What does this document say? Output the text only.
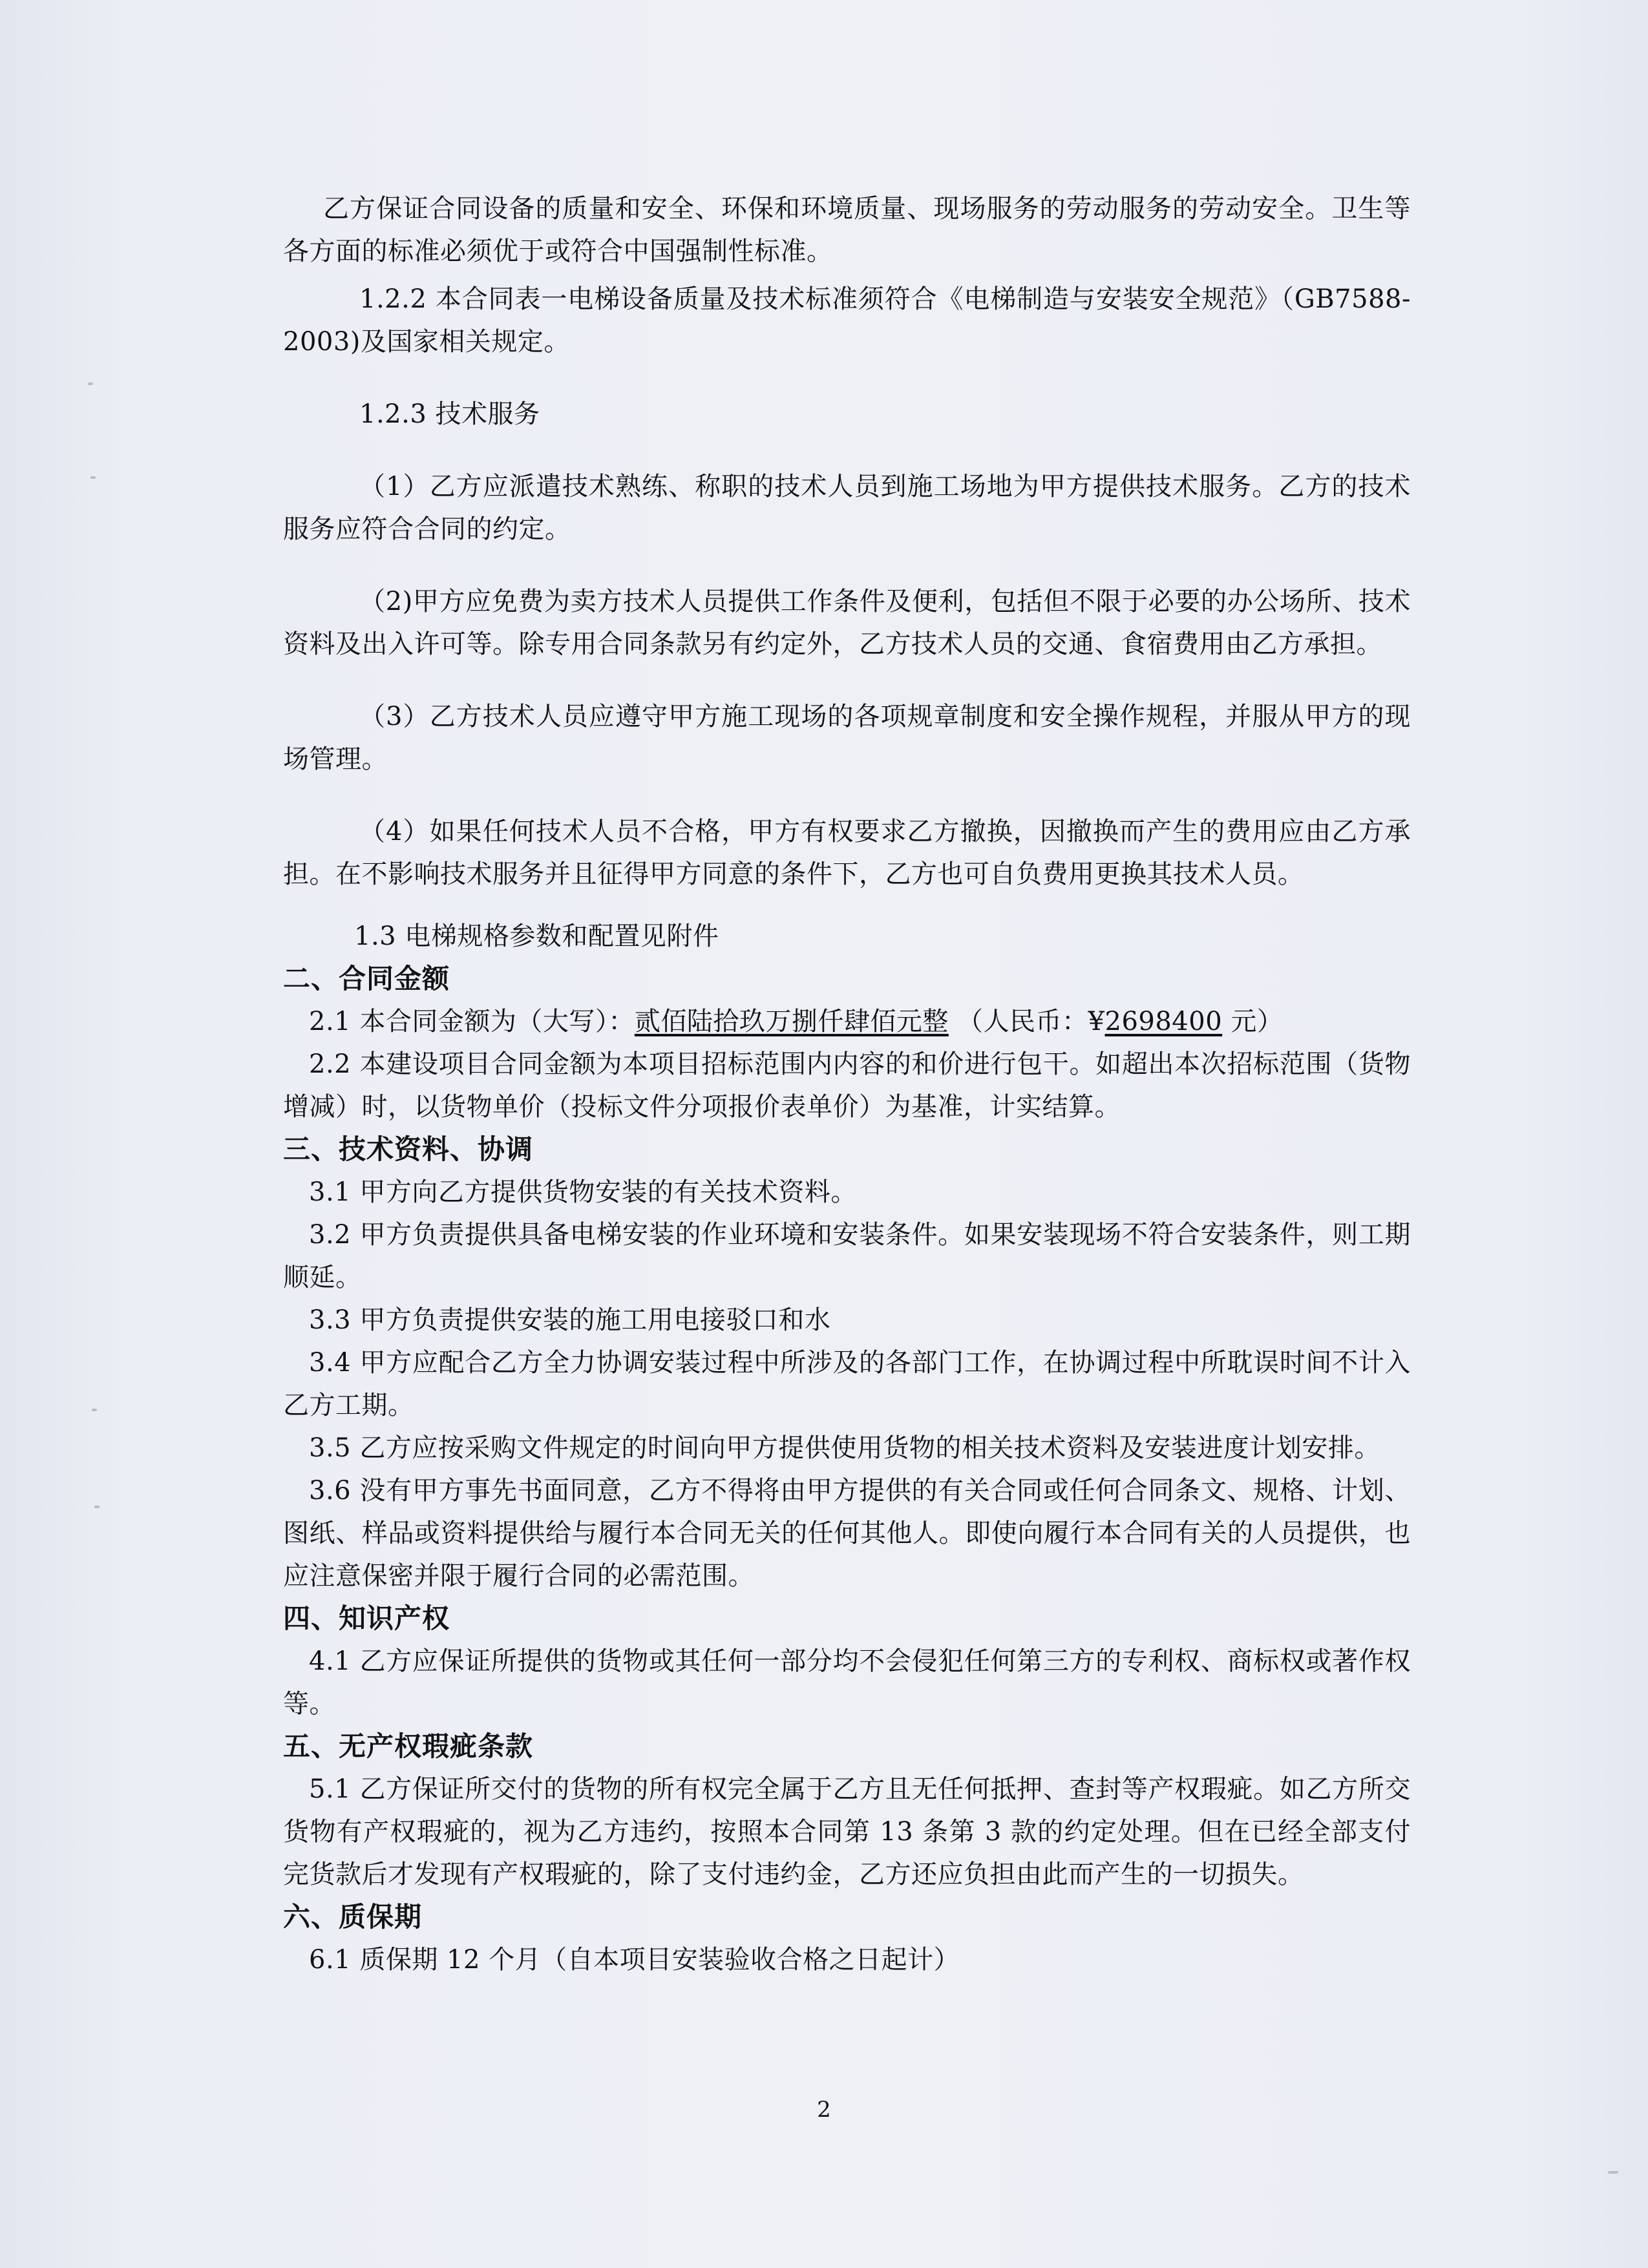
乙方保证合同设备的质量和安全、环保和环境质量、现场服务的劳动服务的劳动安全。卫生等各方面的标准必须优于或符合中国强制性标准。

1.2.2 本合同表一电梯设备质量及技术标准须符合《电梯制造与安装安全规范》（GB7588-2003)及国家相关规定。

1.2.3 技术服务

（1）乙方应派遣技术熟练、称职的技术人员到施工场地为甲方提供技术服务。乙方的技术服务应符合合同的约定。

（2)甲方应免费为卖方技术人员提供工作条件及便利，包括但不限于必要的办公场所、技术资料及出入许可等。除专用合同条款另有约定外，乙方技术人员的交通、食宿费用由乙方承担。

（3）乙方技术人员应遵守甲方施工现场的各项规章制度和安全操作规程，并服从甲方的现场管理。

（4）如果任何技术人员不合格，甲方有权要求乙方撤换，因撤换而产生的费用应由乙方承担。在不影响技术服务并且征得甲方同意的条件下，乙方也可自负费用更换其技术人员。

1.3 电梯规格参数和配置见附件

二、合同金额

2.1 本合同金额为（大写）：贰佰陆拾玖万捌仟肆佰元整 （人民币：¥2698400 元）

2.2 本建设项目合同金额为本项目招标范围内内容的和价进行包干。如超出本次招标范围（货物增减）时，以货物单价（投标文件分项报价表单价）为基准，计实结算。

三、技术资料、协调

3.1 甲方向乙方提供货物安装的有关技术资料。

3.2 甲方负责提供具备电梯安装的作业环境和安装条件。如果安装现场不符合安装条件，则工期顺延。

3.3 甲方负责提供安装的施工用电接驳口和水

3.4 甲方应配合乙方全力协调安装过程中所涉及的各部门工作，在协调过程中所耽误时间不计入乙方工期。

3.5 乙方应按采购文件规定的时间向甲方提供使用货物的相关技术资料及安装进度计划安排。

3.6 没有甲方事先书面同意，乙方不得将由甲方提供的有关合同或任何合同条文、规格、计划、图纸、样品或资料提供给与履行本合同无关的任何其他人。即使向履行本合同有关的人员提供，也应注意保密并限于履行合同的必需范围。

四、知识产权

4.1 乙方应保证所提供的货物或其任何一部分均不会侵犯任何第三方的专利权、商标权或著作权等。

五、无产权瑕疵条款

5.1 乙方保证所交付的货物的所有权完全属于乙方且无任何抵押、查封等产权瑕疵。如乙方所交货物有产权瑕疵的，视为乙方违约，按照本合同第 13 条第 3 款的约定处理。但在已经全部支付完货款后才发现有产权瑕疵的，除了支付违约金，乙方还应负担由此而产生的一切损失。

六、质保期

6.1 质保期 12 个月（自本项目安装验收合格之日起计）

2
